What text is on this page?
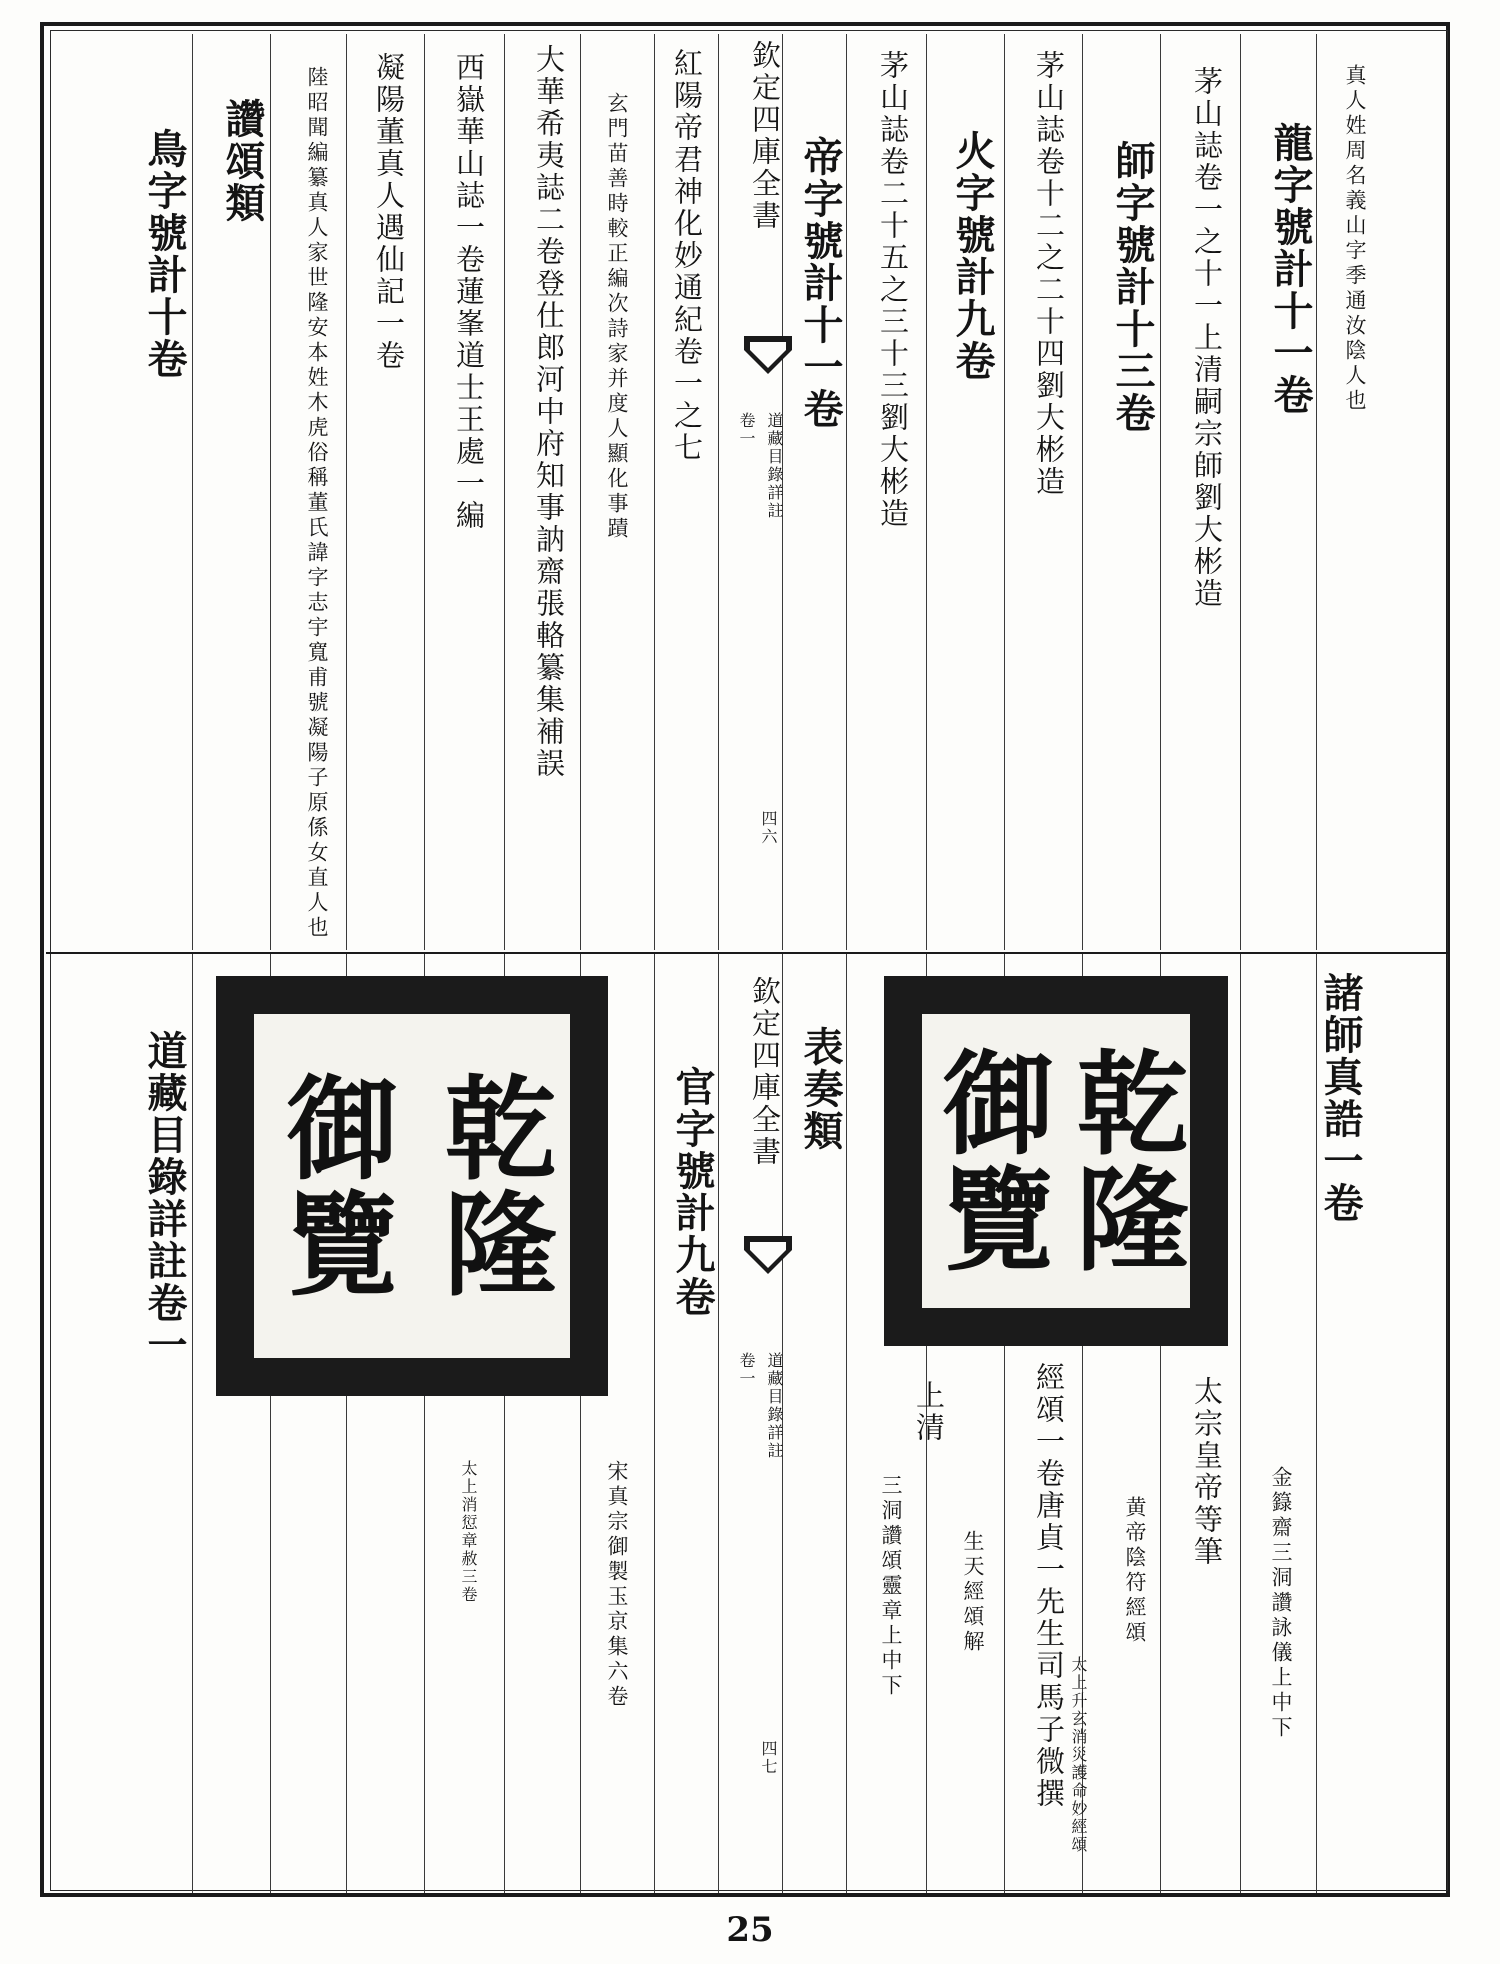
真人姓周名義山字季通汝陰人也
龍字號計十一卷
茅山誌卷一之十一上清嗣宗師劉大彬造
師字號計十三卷
茅山誌卷十二之二十四劉大彬造
火字號計九卷
茅山誌卷二十五之三十三劉大彬造
帝字號計十一卷
欽定四庫全書
卷一 道藏目錄詳註
四六
紅陽帝君神化妙通紀卷一之七
玄門苗善時較正編次詩家并度人顯化事蹟
大華希夷誌二卷登仕郎河中府知事訥齋張輅纂集補誤
西嶽華山誌一卷蓮峯道士王處一編
凝陽董真人遇仙記一卷
陸昭聞編纂真人家世隆安本姓木虎俗稱董氏諱字志宇寬甫號凝陽子原係女直人也
讚頌類
鳥字號計十卷
諸師真誥一卷
金籙齋三洞讚詠儀上中下
太宗皇帝等筆
黄帝陰符經頌
經頌一卷唐貞一先生司馬子微撰 太上升玄消災護命妙經頌
生天經頌解
上清
三洞讚頌靈章上中下
表奏類
欽定四庫全書
卷一 道藏目錄詳註
四七
官字號計九卷
宋真宗御製玉京集六卷
太上消愆章赦三卷
道藏目錄詳註卷一	乾隆
御覽
乾隆
御覽
25
